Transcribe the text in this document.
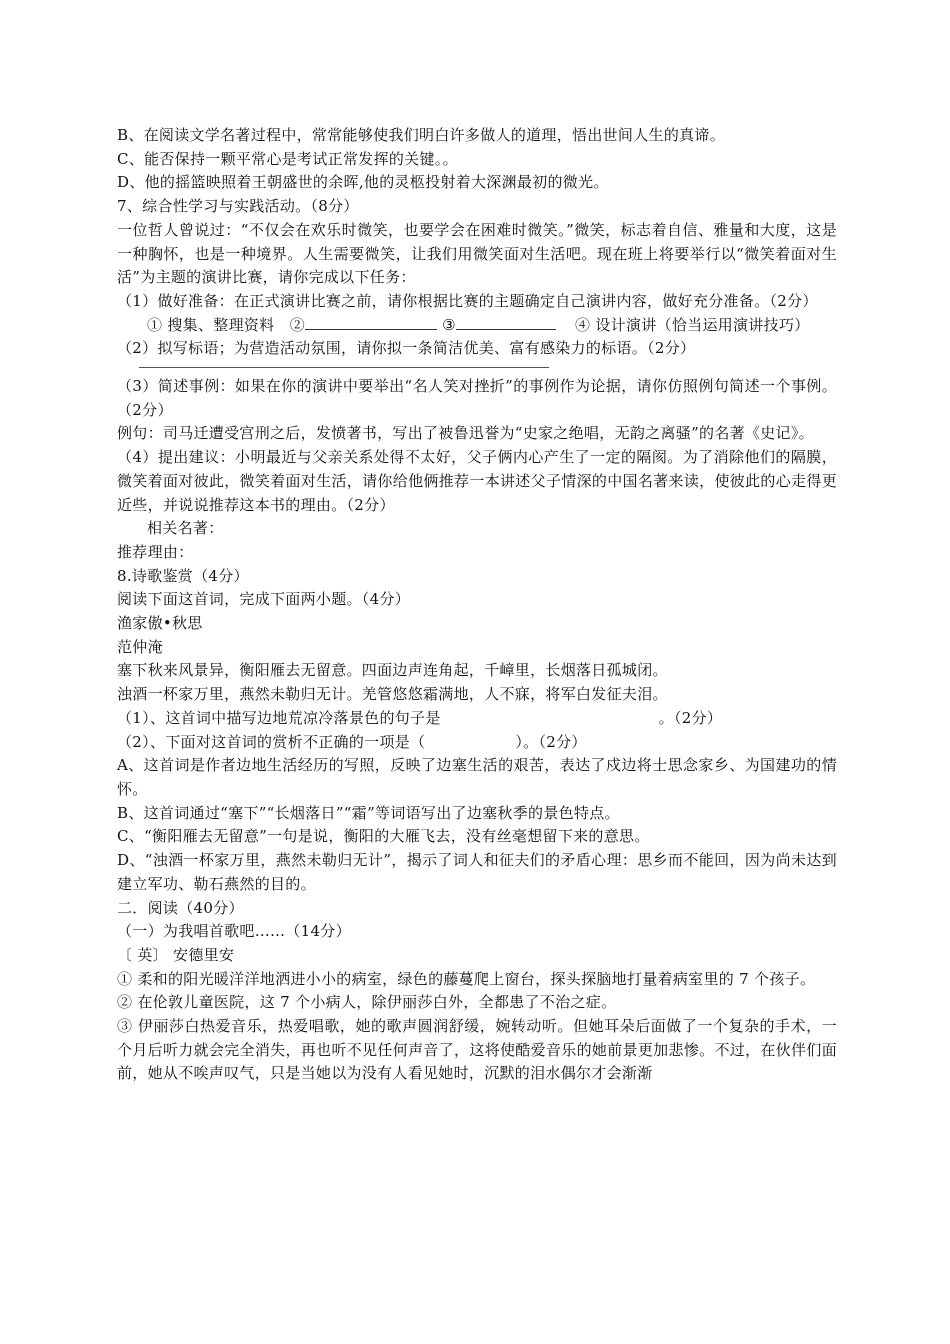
B、在阅读文学名著过程中，常常能够使我们明白许多做人的道理，悟出世间人生的真谛。
C、能否保持一颗平常心是考试正常发挥的关键。。
D、他的摇篮映照着王朝盛世的余晖,他的灵柩投射着大深渊最初的微光。
7、综合性学习与实践活动。（8分）
一位哲人曾说过：“不仅会在欢乐时微笑，也要学会在困难时微笑。”微笑，标志着自信、雅量和大度，这是一种胸怀，也是一种境界。人生需要微笑，让我们用微笑面对生活吧。现在班上将要举行以“微笑着面对生活”为主题的演讲比赛，请你完成以下任务：
（1）做好准备：在正式演讲比赛之前，请你根据比赛的主题确定自己演讲内容，做好充分准备。（2分）
① 搜集、整理资料　②	③	④ 设计演讲（恰当运用演讲技巧）
（2）拟写标语；为营造活动氛围，请你拟一条简洁优美、富有感染力的标语。（2分）
（3）简述事例：如果在你的演讲中要举出“名人笑对挫折”的事例作为论据，请你仿照例句简述一个事例。（2分）
例句：司马迁遭受宫刑之后，发愤著书，写出了被鲁迅誉为“史家之绝唱，无韵之离骚”的名著《史记》。
（4）提出建议：小明最近与父亲关系处得不太好，父子俩内心产生了一定的隔阂。为了消除他们的隔膜，微笑着面对彼此，微笑着面对生活，请你给他俩推荐一本讲述父子情深的中国名著来读，使彼此的心走得更近些，并说说推荐这本书的理由。（2分）
相关名著：
推荐理由：
8.诗歌鉴赏（4分）
阅读下面这首词，完成下面两小题。（4分）
渔家傲•秋思
范仲淹
塞下秋来风景异，衡阳雁去无留意。四面边声连角起，千嶂里，长烟落日孤城闭。
浊酒一杯家万里，燕然未勒归无计。羌管悠悠霜满地，人不寐，将军白发征夫泪。
（1）、这首词中描写边地荒凉冷落景色的句子是	。（2分）
（2）、下面对这首词的赏析不正确的一项是（	）。（2分）
A、这首词是作者边地生活经历的写照，反映了边塞生活的艰苦，表达了戍边将士思念家乡、为国建功的情怀。
B、这首词通过“塞下”“长烟落日”“霜”等词语写出了边塞秋季的景色特点。
C、“衡阳雁去无留意”一句是说，衡阳的大雁飞去，没有丝毫想留下来的意思。
D、“浊酒一杯家万里，燕然未勒归无计”，揭示了词人和征夫们的矛盾心理：思乡而不能回，因为尚未达到建立军功、勒石燕然的目的。
二．阅读（40分）
（一）为我唱首歌吧……（14分）
〔 英〕 安德里安
① 柔和的阳光暖洋洋地洒进小小的病室，绿色的藤蔓爬上窗台，探头探脑地打量着病室里的 7 个孩子。
② 在伦敦儿童医院，这 7 个小病人，除伊丽莎白外，全都患了不治之症。
③ 伊丽莎白热爱音乐，热爱唱歌，她的歌声圆润舒缓，婉转动听。但她耳朵后面做了一个复杂的手术，一个月后听力就会完全消失，再也听不见任何声音了，这将使酷爱音乐的她前景更加悲惨。不过，在伙伴们面前，她从不唉声叹气，只是当她以为没有人看见她时，沉默的泪水偶尔才会渐渐
